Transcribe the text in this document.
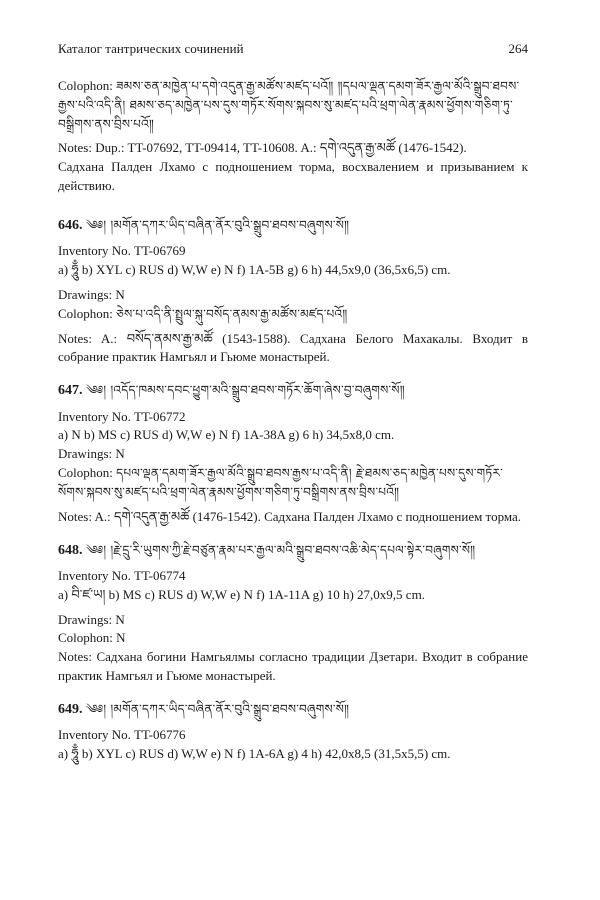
Каталог тантрических сочинений	264

Colophon: ཟམས་ཅན་མཁྱེན་པ་དགེ་འདུན་རྒྱ་མཚོས་མཛད་པའོ༎ ༎དཔལ་ལྡན་དམག་ཟོར་རྒྱལ་མོའི་སྒྲུབ་ཐབས་རྒྱས་པའི་འདི་ནི། ཐམས་ཅད་མཁྱེན་པས་དུས་གཏོར་སོགས་སྐབས་སུ་མཛད་པའི་ཕྲག་ལེན་རྣམས་ཕྱོགས་གཅིག་ཏུ་བསྒྲིགས་ནས་བྲིས་པའོ༎

Notes: Dup.: TT-07692, TT-09414, TT-10608. A.: དགེ་འདུན་རྒྱ་མཚོ (1476-1542).

Садхана Палден Лхамо с подношением торма, восхвалением и призыванием к действию.

646. ༄༅། །མགོན་དཀར་ཡིད་བཞིན་ནོར་བུའི་སྒྲུབ་ཐབས་བཞུགས་སོ༎

Inventory No. TT-06769

a) ཧཱུྃ b) XYL c) RUS d) W,W e) N f) 1A-5B g) 6 h) 44,5x9,0 (36,5x6,5) cm.

Drawings: N

Colophon: ཅེས་པ་འདི་ནི་སྤྲུལ་སྐུ་བསོད་ནམས་རྒྱ་མཚོས་མཛད་པའོ༎

Notes: A.: བསོད་ནམས་རྒྱ་མཚོ (1543-1588). Садхана Белого Махакалы. Входит в собрание практик Намгьял и Гьюме монастырей.

647. ༄༅། །འདོད་ཁམས་དབང་ཕྱུག་མའི་སྒྲུབ་ཐབས་གཏོར་ཆོག་ཞེས་བྱ་བཞུགས་སོ༎

Inventory No. TT-06772

a) N b) MS c) RUS d) W,W e) N f) 1A-38A g) 6 h) 34,5x8,0 cm.

Drawings: N

Colophon: དཔལ་ལྡན་དམག་ཟོར་རྒྱལ་མོའི་སྒྲུབ་ཐབས་རྒྱས་པ་འདི་ནི། རྗེ་ཐམས་ཅད་མཁྱེན་པས་དུས་གཏོར་སོགས་སྐབས་སུ་མཛད་པའི་ཕྲག་ལེན་རྣམས་ཕྱོགས་གཅིག་ཏུ་བསྒྲིགས་ནས་བྲིས་པའོ༎

Notes: A.: དགེ་འདུན་རྒྱ་མཚོ (1476-1542). Садхана Палден Лхамо с подношением торма.

648. ༄༅། །རྗེ་དྲུ་རི་ཡུགས་ཀྱི་རྗེ་བཙུན་རྣམ་པར་རྒྱལ་མའི་སྒྲུབ་ཐབས་འཆི་མེད་དཔལ་སྟེར་བཞུགས་སོ༎

Inventory No. TT-06774

a) བི་ཛ་ཡ། b) MS c) RUS d) W,W e) N f) 1A-11A g) 10 h) 27,0x9,5 cm.

Drawings: N

Colophon: N

Notes: Садхана богини Намгьялмы согласно традиции Дзетари. Входит в собрание практик Намгьял и Гьюме монастырей.

649. ༄༅། །མགོན་དཀར་ཡིད་བཞིན་ནོར་བུའི་སྒྲུབ་ཐབས་བཞུགས་སོ༎

Inventory No. TT-06776

a) ཧཱུྃ b) XYL c) RUS d) W,W e) N f) 1A-6A g) 4 h) 42,0x8,5 (31,5x5,5) cm.
